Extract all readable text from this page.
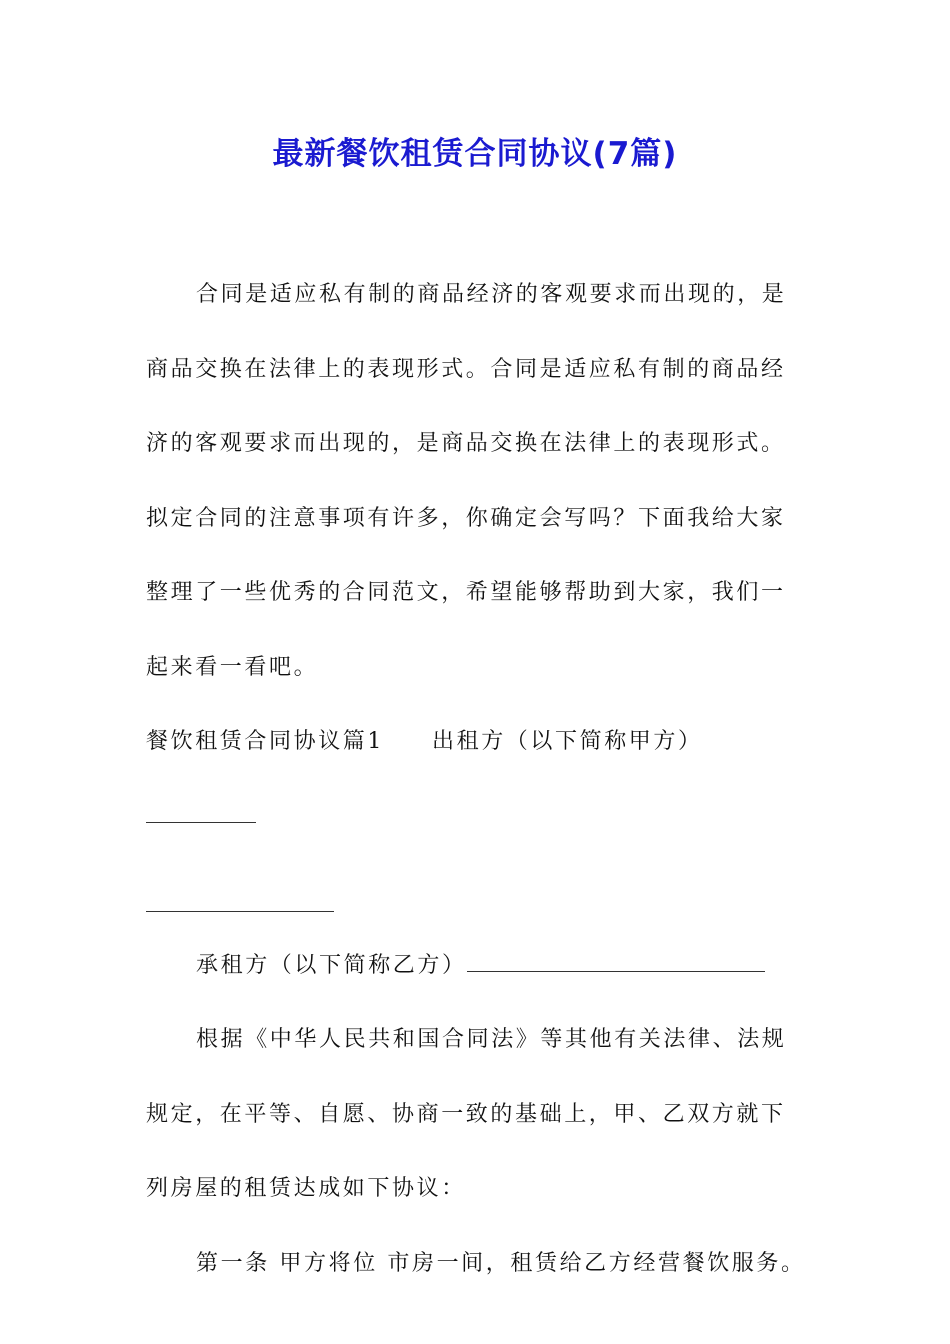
最新餐饮租赁合同协议(7篇)

合同是适应私有制的商品经济的客观要求而出现的，是商品交换在法律上的表现形式。合同是适应私有制的商品经济的客观要求而出现的，是商品交换在法律上的表现形式。拟定合同的注意事项有许多，你确定会写吗？下面我给大家整理了一些优秀的合同范文，希望能够帮助到大家，我们一起来看一看吧。

餐饮租赁合同协议篇1 出租方（以下简称甲方）

承租方（以下简称乙方）

根据《中华人民共和国合同法》等其他有关法律、法规规定，在平等、自愿、协商一致的基础上，甲、乙双方就下列房屋的租赁达成如下协议：

第一条 甲方将位 市房一间，租赁给乙方经营餐饮服务。
